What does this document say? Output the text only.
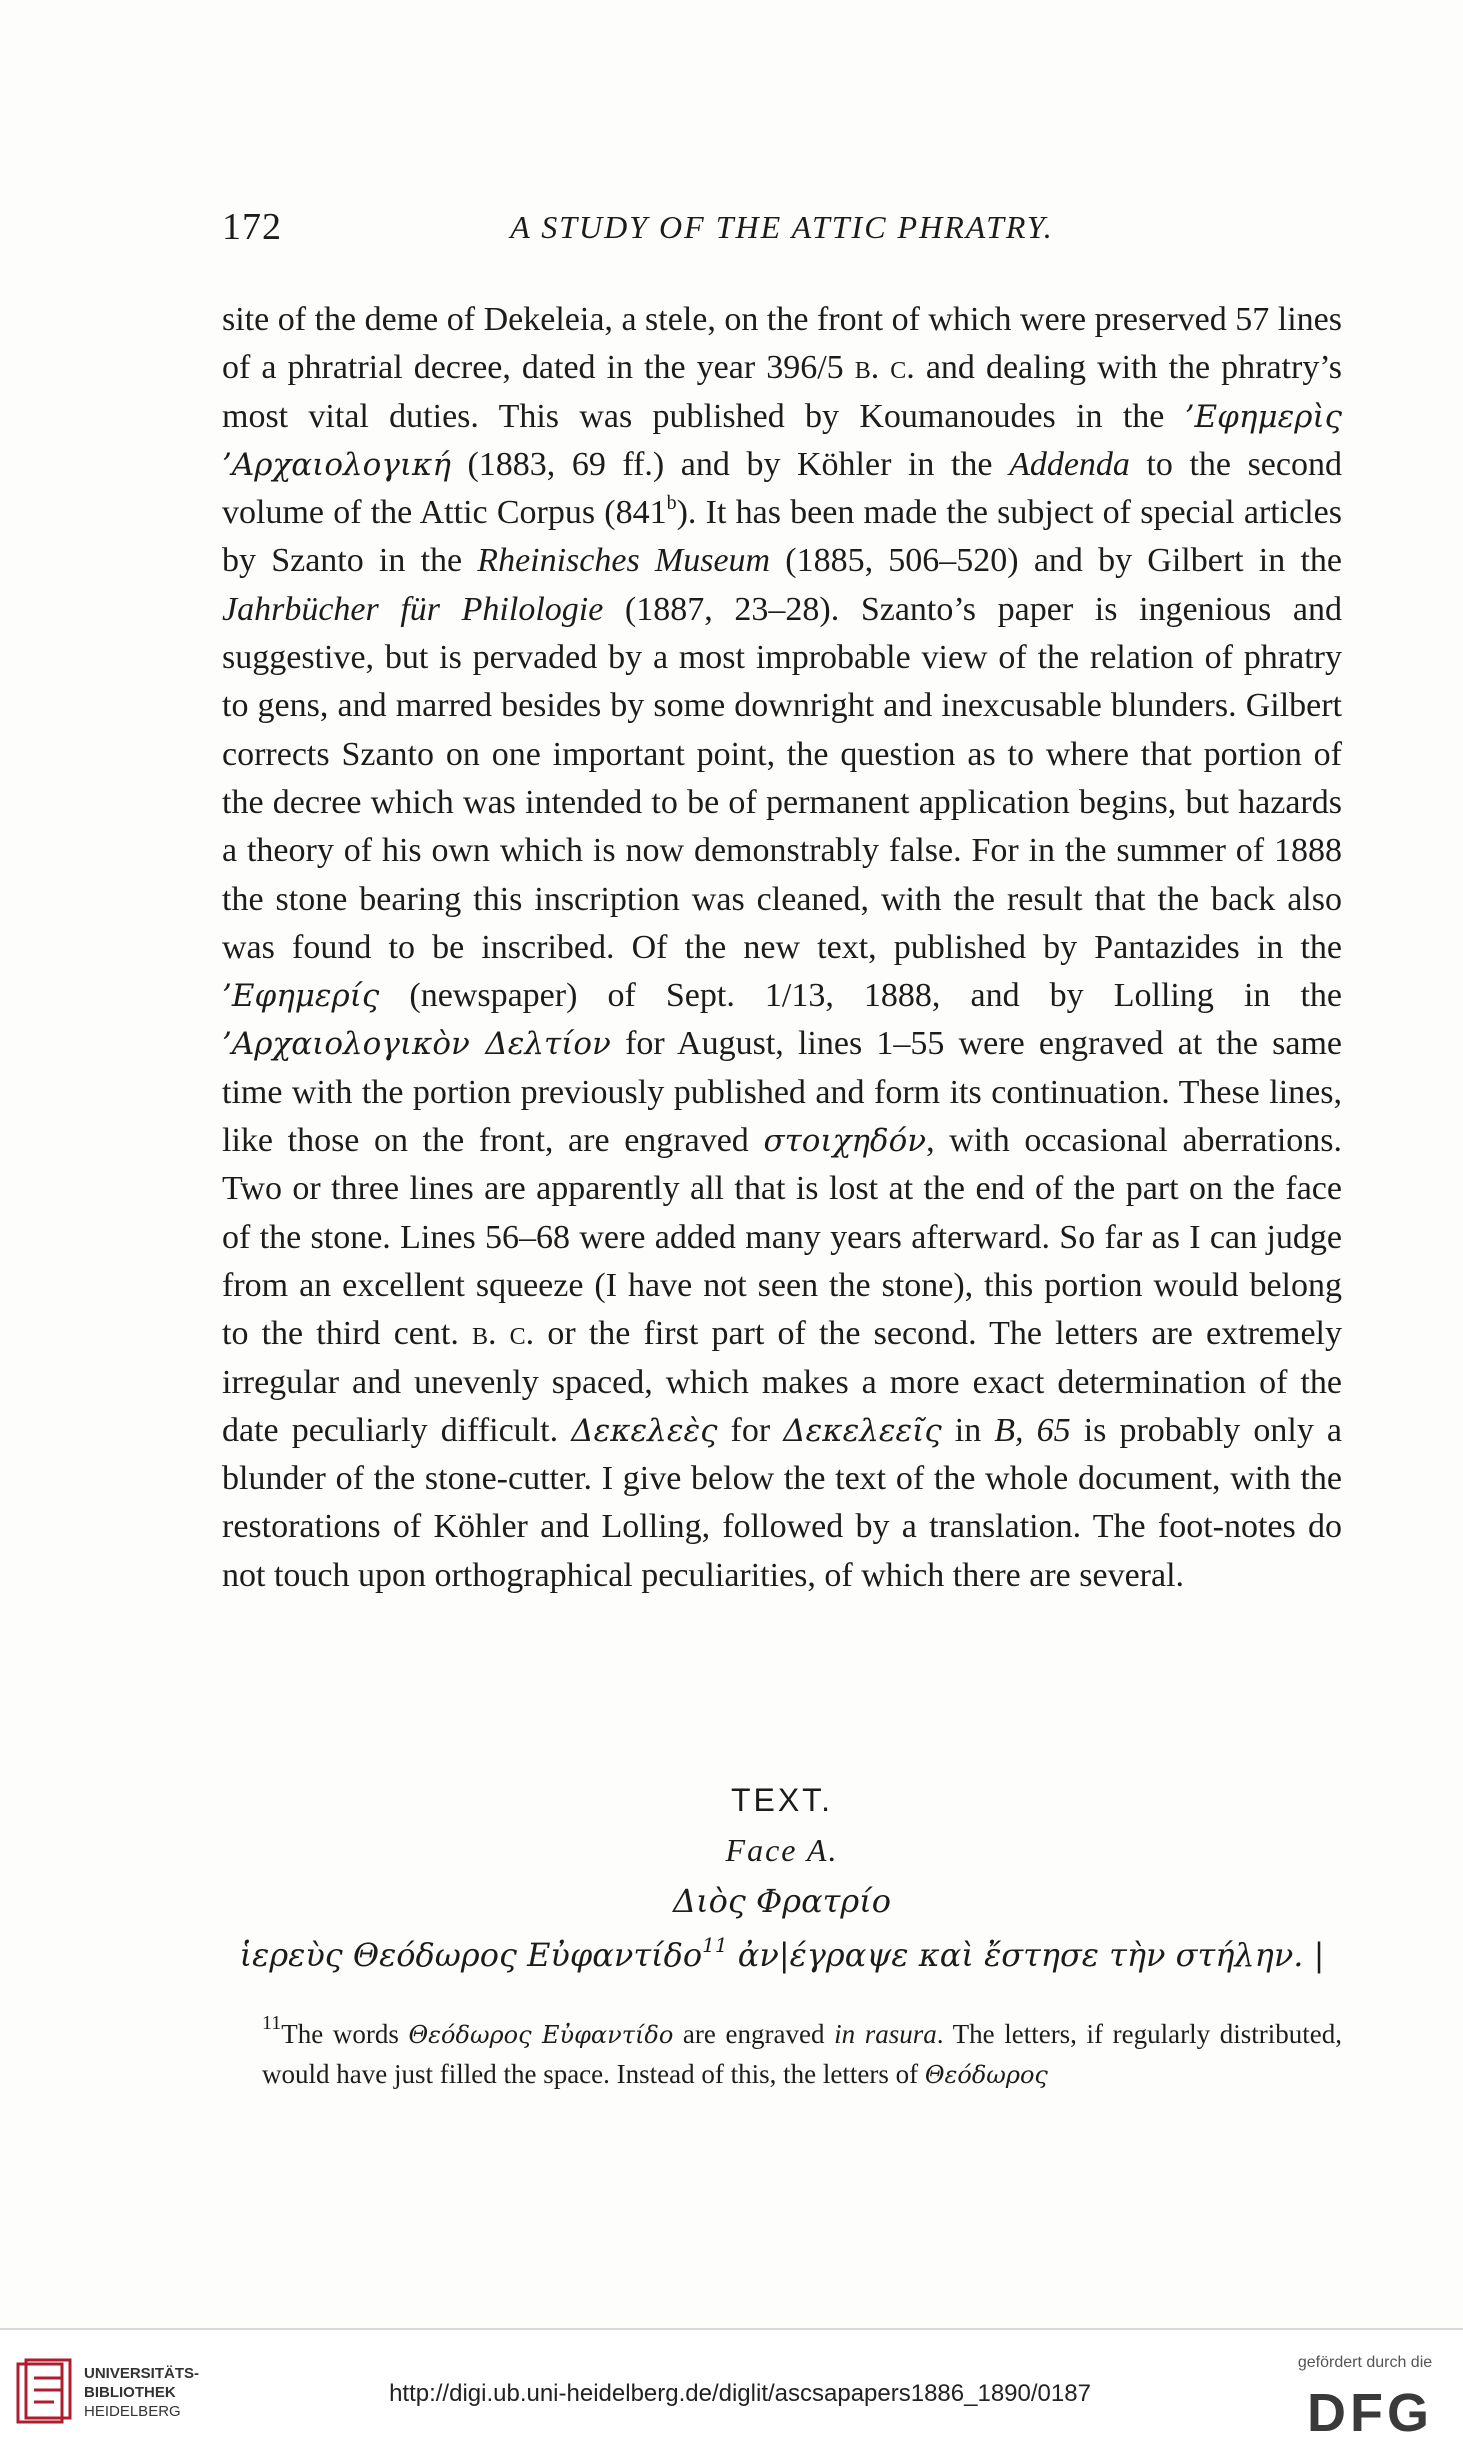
172	A STUDY OF THE ATTIC PHRATRY.

site of the deme of Dekeleia, a stele, on the front of which were preserved 57 lines of a phratrial decree, dated in the year 396/5 b. c. and dealing with the phratry’s most vital duties. This was published by Koumanoudes in the ’Εφημερὶς ’Αρχαιολογική (1883, 69 ff.) and by Köhler in the Addenda to the second volume of the Attic Corpus (841$^b$). It has been made the subject of special articles by Szanto in the Rheinisches Museum (1885, 506–520) and by Gilbert in the Jahrbücher für Philologie (1887, 23–28). Szanto’s paper is ingenious and suggestive, but is pervaded by a most improbable view of the relation of phratry to gens, and marred besides by some downright and inexcusable blunders. Gilbert corrects Szanto on one important point, the question as to where that portion of the decree which was intended to be of permanent application begins, but hazards a theory of his own which is now demonstrably false. For in the summer of 1888 the stone bearing this inscription was cleaned, with the result that the back also was found to be inscribed. Of the new text, published by Pantazides in the ’Εφημερίς (newspaper) of Sept. 1/13, 1888, and by Lolling in the ’Αρχαιολογικὸν Δελτίον for August, lines 1–55 were engraved at the same time with the portion previously published and form its continuation. These lines, like those on the front, are engraved στοιχηδόν, with occasional aberrations. Two or three lines are apparently all that is lost at the end of the part on the face of the stone. Lines 56–68 were added many years afterward. So far as I can judge from an excellent squeeze (I have not seen the stone), this portion would belong to the third cent. b. c. or the first part of the second. The letters are extremely irregular and unevenly spaced, which makes a more exact determination of the date peculiarly difficult. Δεκελεὲς for Δεκελεεῖς in B, 65 is probably only a blunder of the stone-cutter. I give below the text of the whole document, with the restorations of Köhler and Lolling, followed by a translation. The foot-notes do not touch upon orthographical peculiarities, of which there are several.

TEXT.
Face A.
Διὸς Φρατρίο
ἱερεὺς Θεόδωρος Εὐφαντίδο$^{11}$ ἀν|έγραψε καὶ ἔστησε τὴν στήλην. |
$^{11}$The words Θεόδωρος Εὐφαντίδο are engraved in rasura. The letters, if regularly distributed, would have just filled the space. Instead of this, the letters of Θεόδωρος
UNIVERSITÄTS-
BIBLIOTHEK
HEIDELBERG
http://digi.ub.uni-heidelberg.de/diglit/ascsapapers1886_1890/0187
gefördert durch die
DFG
